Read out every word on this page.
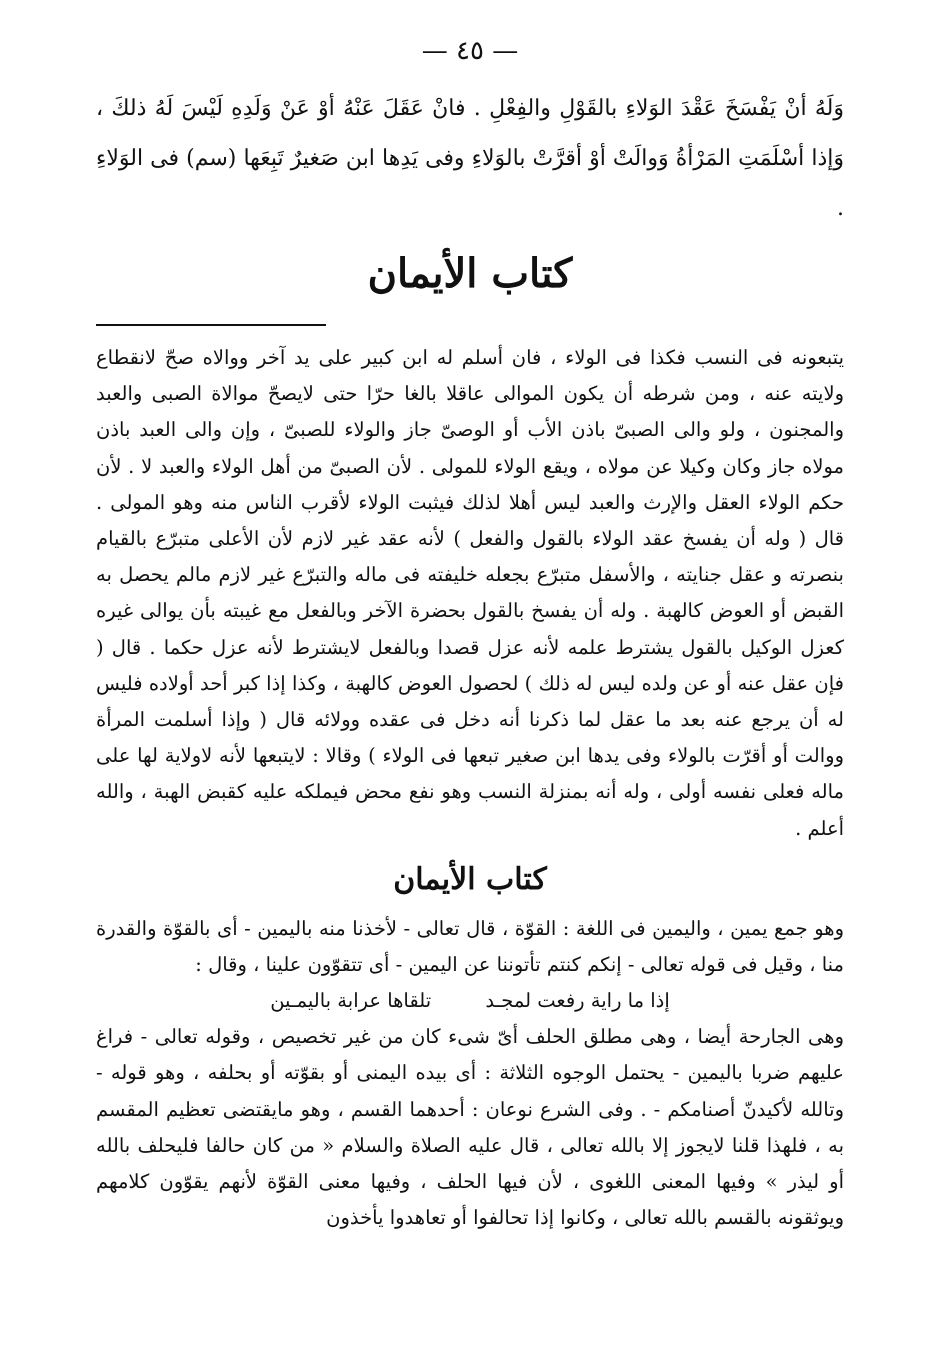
— ٤٥ —

وَلَهُ أنْ يَفْسَخَ عَقْدَ الوَلاءِ بالقَوْلِ والفِعْلِ . فانْ عَقَلَ عَنْهُ أوْ عَنْ وَلَدِهِ لَيْسَ لَهُ ذلكَ ، وَإذا أسْلَمَتِ المَرْأةُ وَوالَتْ أوْ أقرَّتْ بالوَلاءِ وفى يَدِها ابن صَغيرٌ تَبِعَها (سم) فى الوَلاءِ .

كتاب الأيمان

يتبعونه فى النسب فكذا فى الولاء ، فان أسلم له ابن كبير على يد آخر ووالاه صحّ لانقطاع ولايته عنه ، ومن شرطه أن يكون الموالى عاقلا بالغا حرّا حتى لايصحّ موالاة الصبى والعبد والمجنون ، ولو والى الصبىّ باذن الأب أو الوصىّ جاز والولاء للصبىّ ، وإن والى العبد باذن مولاه جاز وكان وكيلا عن مولاه ، ويقع الولاء للمولى . لأن الصبىّ من أهل الولاء والعبد لا . لأن حكم الولاء العقل والإرث والعبد ليس أهلا لذلك فيثبت الولاء لأقرب الناس منه وهو المولى . قال ( وله أن يفسخ عقد الولاء بالقول والفعل ) لأنه عقد غير لازم لأن الأعلى متبرّع بالقيام بنصرته و عقل جنايته ، والأسفل متبرّع بجعله خليفته فى ماله والتبرّع غير لازم مالم يحصل به القبض أو العوض كالهبة . وله أن يفسخ بالقول بحضرة الآخر وبالفعل مع غيبته بأن يوالى غيره كعزل الوكيل بالقول يشترط علمه لأنه عزل قصدا وبالفعل لايشترط لأنه عزل حكما . قال ( فإن عقل عنه أو عن ولده ليس له ذلك ) لحصول العوض كالهبة ، وكذا إذا كبر أحد أولاده فليس له أن يرجع عنه بعد ما عقل لما ذكرنا أنه دخل فى عقده وولائه قال ( وإذا أسلمت المرأة ووالت أو أقرّت بالولاء وفى يدها ابن صغير تبعها فى الولاء ) وقالا : لايتبعها لأنه لاولاية لها على ماله فعلى نفسه أولى ، وله أنه بمنزلة النسب وهو نفع محض فيملكه عليه كقبض الهبة ، والله أعلم .

كتاب الأيمان

وهو جمع يمين ، واليمين فى اللغة : القوّة ، قال تعالى - لأخذنا منه باليمين - أى بالقوّة والقدرة منا ، وقيل فى قوله تعالى - إنكم كنتم تأتوننا عن اليمين - أى تتقوّون علينا ، وقال :

إذا ما راية رفعت لمجـد تلقاها عرابة باليمـين

وهى الجارحة أيضا ، وهى مطلق الحلف أىّ شىء كان من غير تخصيص ، وقوله تعالى - فراغ عليهم ضربا باليمين - يحتمل الوجوه الثلاثة : أى بيده اليمنى أو بقوّته أو بحلفه ، وهو قوله - وتالله لأكيدنّ أصنامكم - . وفى الشرع نوعان : أحدهما القسم ، وهو مايقتضى تعظيم المقسم به ، فلهذا قلنا لايجوز إلا بالله تعالى ، قال عليه الصلاة والسلام « من كان حالفا فليحلف بالله أو ليذر » وفيها المعنى اللغوى ، لأن فيها الحلف ، وفيها معنى القوّة لأنهم يقوّون كلامهم ويوثقونه بالقسم بالله تعالى ، وكانوا إذا تحالفوا أو تعاهدوا يأخذون
